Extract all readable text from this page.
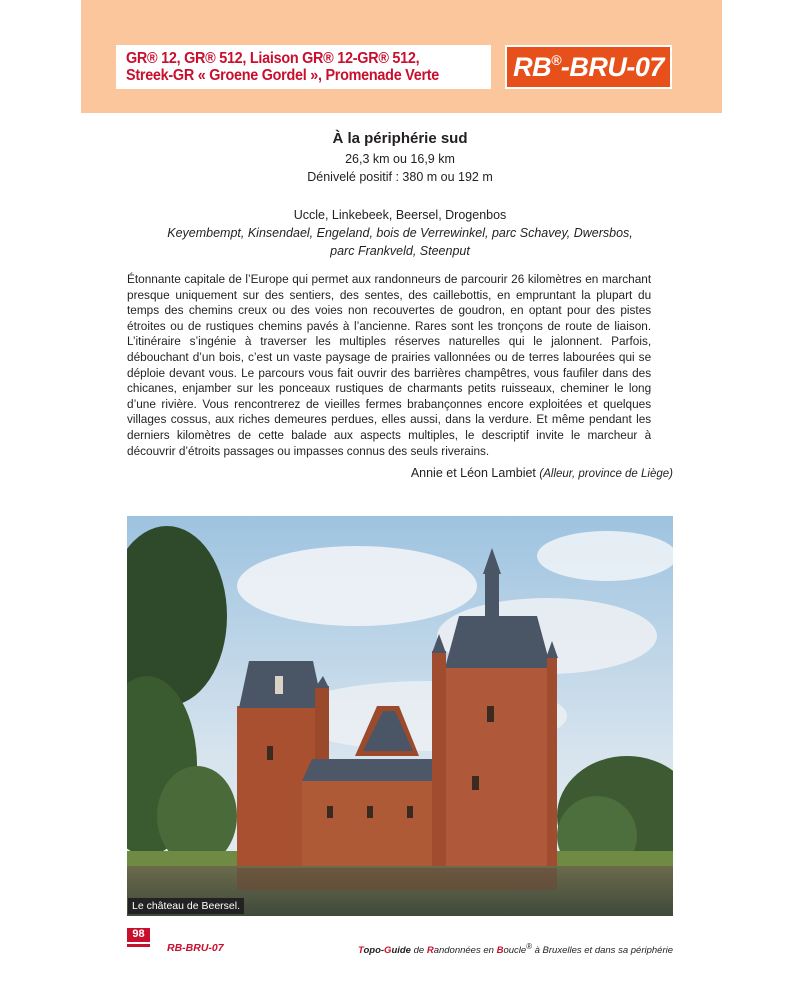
GR® 12, GR® 512, Liaison GR® 12-GR® 512,
Streek-GR « Groene Gordel », Promenade Verte	RB® -BRU-07
À la périphérie sud
26,3 km ou 16,9 km
Dénivelé positif : 380 m ou 192 m
Uccle, Linkebeek, Beersel, Drogenbos
Keyembempt, Kinsendael, Engeland, bois de Verrewinkel, parc Schavey, Dwersbos,
parc Frankveld, Steenput
Étonnante capitale de l’Europe qui permet aux randonneurs de parcourir 26 kilomètres en marchant presque uniquement sur des sentiers, des sentes, des caillebottis, en empruntant la plupart du temps des chemins creux ou des voies non recouvertes de goudron, en optant pour des pistes étroites ou de rustiques chemins pavés à l’ancienne. Rares sont les tronçons de route de liaison. L’itinéraire s’ingénie à traverser les multiples réserves naturelles qui le jalonnent. Parfois, débouchant d’un bois, c’est un vaste paysage de prairies vallonnées ou de terres labourées qui se déploie devant vous. Le parcours vous fait ouvrir des barrières champêtres, vous faufiler dans des chicanes, enjamber sur les ponceaux rustiques de charmants petits ruisseaux, cheminer le long d’une rivière. Vous rencontrerez de vieilles fermes brabançonnes encore exploitées et quelques villages cossus, aux riches demeures perdues, elles aussi, dans la verdure. Et même pendant les derniers kilomètres de cette balade aux aspects multiples, le descriptif invite le marcheur à découvrir d’étroits passages ou impasses connus des seuls riverains.
Annie et Léon Lambiet (Alleur, province de Liège)
Le château de Beersel.
98
RB-BRU-07	Topo-Guide de Randonnées en Boucle® à Bruxelles et dans sa périphérie
